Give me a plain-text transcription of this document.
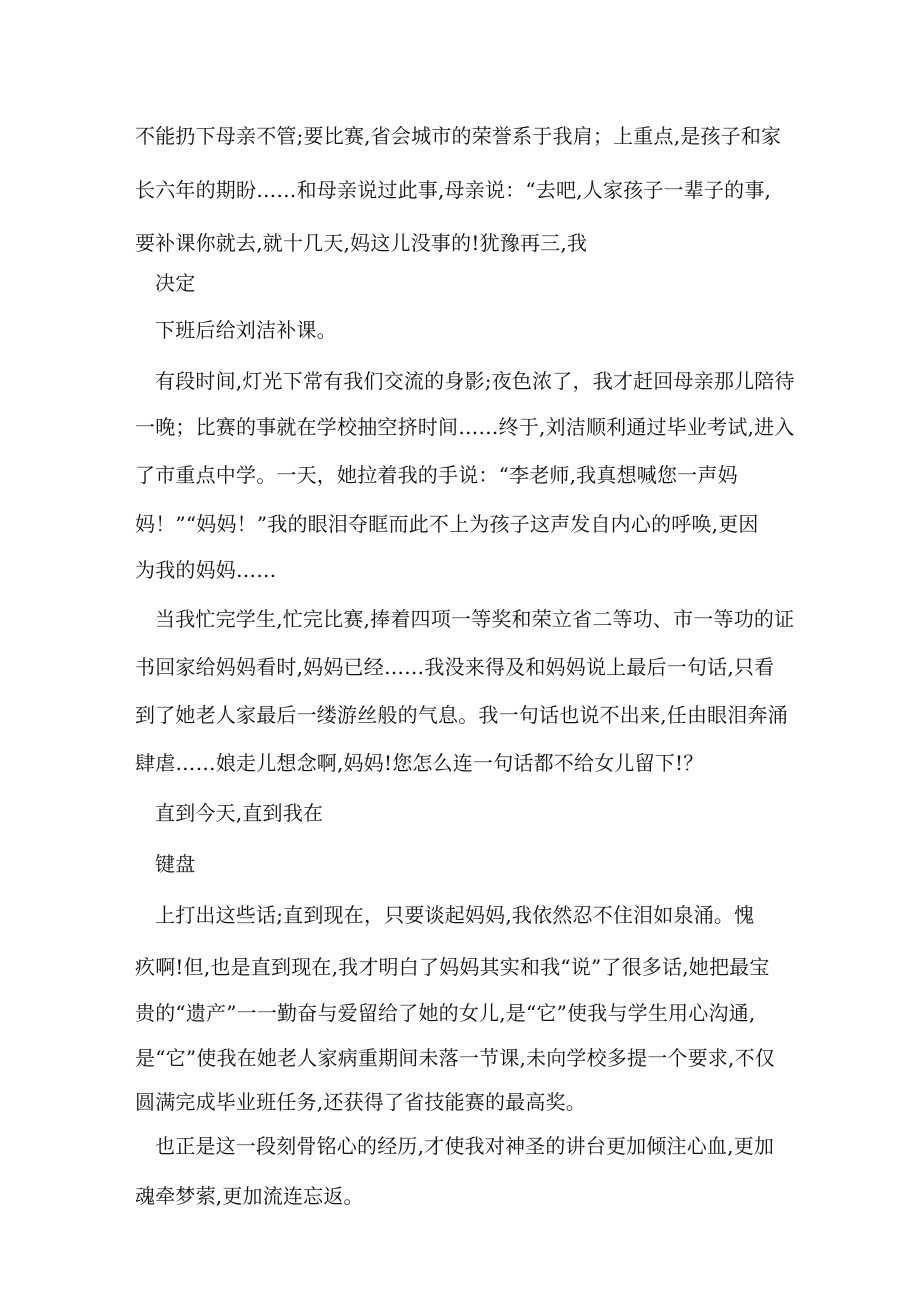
不能扔下母亲不管;要比赛,省会城市的荣誉系于我肩；上重点,是孩子和家
长六年的期盼……和母亲说过此事,母亲说：“去吧,人家孩子一辈子的事,
要补课你就去,就十几天,妈这儿没事的!犹豫再三,我
决定
下班后给刘洁补课。
有段时间,灯光下常有我们交流的身影;夜色浓了，我才赶回母亲那儿陪待
一晚；比赛的事就在学校抽空挤时间……终于,刘洁顺利通过毕业考试,进入
了市重点中学。一天，她拉着我的手说：“李老师,我真想喊您一声妈
妈！”“妈妈！”我的眼泪夺眶而此不上为孩子这声发自内心的呼唤,更因
为我的妈妈……
当我忙完学生,忙完比赛,捧着四项一等奖和荣立省二等功、市一等功的证
书回家给妈妈看时,妈妈已经……我没来得及和妈妈说上最后一句话,只看
到了她老人家最后一缕游丝般的气息。我一句话也说不出来,任由眼泪奔涌
肆虐……娘走儿想念啊,妈妈!您怎么连一句话都不给女儿留下!？
直到今天,直到我在
键盘
上打出这些话;直到现在，只要谈起妈妈,我依然忍不住泪如泉涌。愧
疚啊!但,也是直到现在,我才明白了妈妈其实和我“说”了很多话,她把最宝
贵的“遗产”一一勤奋与爱留给了她的女儿,是“它”使我与学生用心沟通,
是“它”使我在她老人家病重期间未落一节课,未向学校多提一个要求,不仅
圆满完成毕业班任务,还获得了省技能赛的最高奖。
也正是这一段刻骨铭心的经历,才使我对神圣的讲台更加倾注心血,更加
魂牵梦萦,更加流连忘返。
